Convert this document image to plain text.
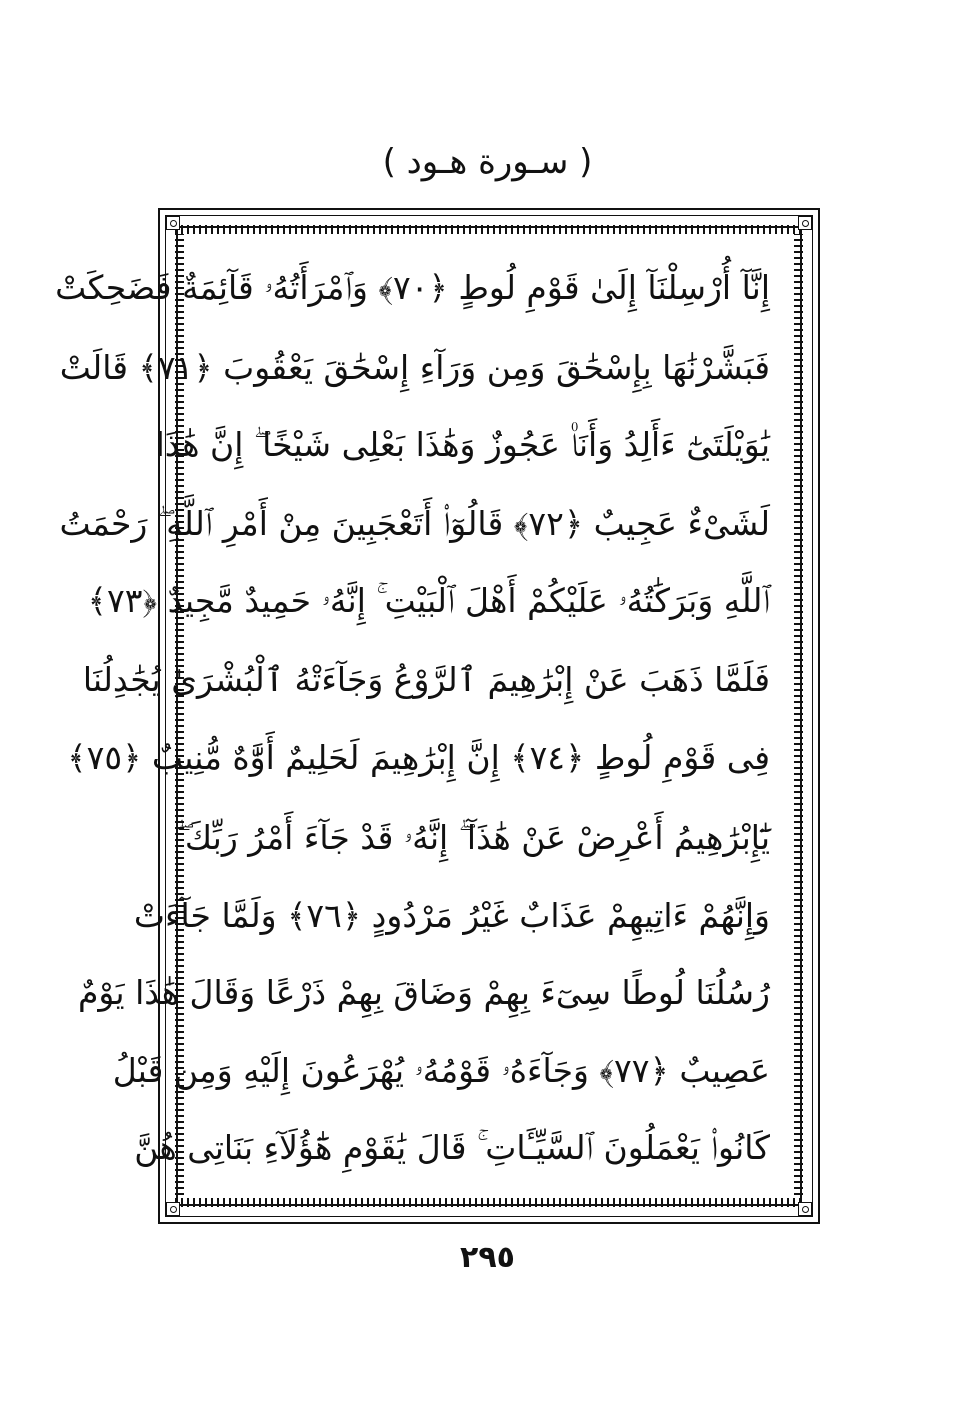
( سـورة هـود )
إِنَّآ أُرْسِلْنَآ إِلَىٰ قَوْمِ لُوطٍ ﴿٧٠﴾ وَٱمْرَأَتُهُۥ قَآئِمَةٌ فَضَحِكَتْ
فَبَشَّرْنَٰهَا بِإِسْحَٰقَ وَمِن وَرَآءِ إِسْحَٰقَ يَعْقُوبَ ﴿٧١﴾ قَالَتْ
يَٰوَيْلَتَىٰٓ ءَأَلِدُ وَأَنَا۠ عَجُوزٌ وَهَٰذَا بَعْلِى شَيْخًا ۖ إِنَّ هَٰذَا
لَشَىْءٌ عَجِيبٌ ﴿٧٢﴾ قَالُوٓا۟ أَتَعْجَبِينَ مِنْ أَمْرِ ٱللَّهِ ۖ رَحْمَتُ
ٱللَّهِ وَبَرَكَٰتُهُۥ عَلَيْكُمْ أَهْلَ ٱلْبَيْتِ ۚ إِنَّهُۥ حَمِيدٌ مَّجِيدٌ ﴿٧٣﴾
فَلَمَّا ذَهَبَ عَنْ إِبْرَٰهِيمَ ٱلرَّوْعُ وَجَآءَتْهُ ٱلْبُشْرَىٰ يُجَٰدِلُنَا
فِى قَوْمِ لُوطٍ ﴿٧٤﴾ إِنَّ إِبْرَٰهِيمَ لَحَلِيمٌ أَوَّٰهٌ مُّنِيبٌ ﴿٧٥﴾
يَٰٓإِبْرَٰهِيمُ أَعْرِضْ عَنْ هَٰذَآ ۖ إِنَّهُۥ قَدْ جَآءَ أَمْرُ رَبِّكَ ۖ
وَإِنَّهُمْ ءَاتِيهِمْ عَذَابٌ غَيْرُ مَرْدُودٍ ﴿٧٦﴾ وَلَمَّا جَآءَتْ
رُسُلُنَا لُوطًا سِىٓءَ بِهِمْ وَضَاقَ بِهِمْ ذَرْعًا وَقَالَ هَٰذَا يَوْمٌ
عَصِيبٌ ﴿٧٧﴾ وَجَآءَهُۥ قَوْمُهُۥ يُهْرَعُونَ إِلَيْهِ وَمِن قَبْلُ
كَانُوا۟ يَعْمَلُونَ ٱلسَّيِّـَٔاتِ ۚ قَالَ يَٰقَوْمِ هَٰٓؤُلَآءِ بَنَاتِى هُنَّ
٢٩٥
